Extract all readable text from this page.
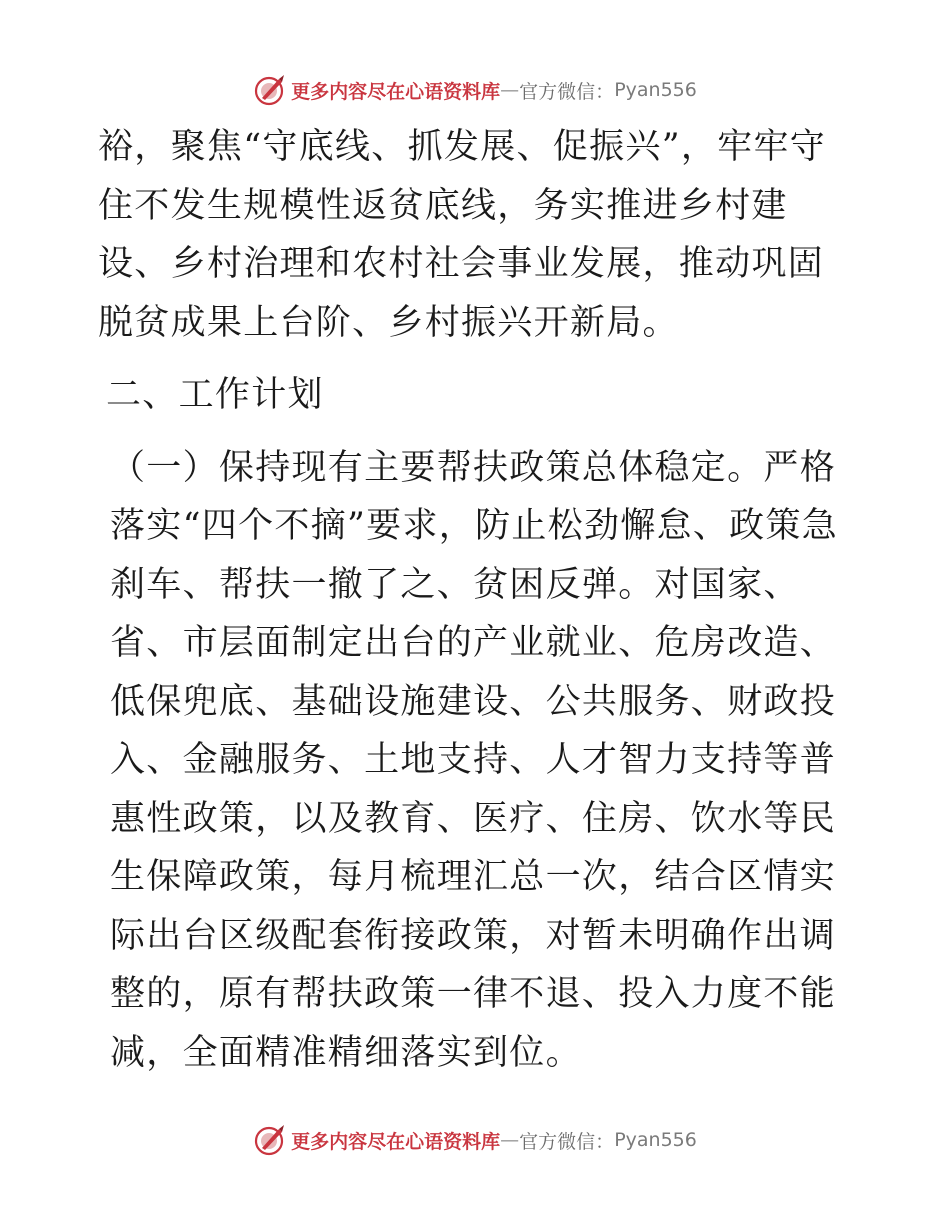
更多内容尽在心语资料库 — 官方微信： Pyan556

裕，聚焦“守底线、抓发展、促振兴”，牢牢守住不发生规模性返贫底线，务实推进乡村建设、乡村治理和农村社会事业发展，推动巩固脱贫成果上台阶、乡村振兴开新局。

二、工作计划

（一）保持现有主要帮扶政策总体稳定。严格落实“四个不摘”要求，防止松劲懈怠、政策急刹车、帮扶一撤了之、贫困反弹。对国家、省、市层面制定出台的产业就业、危房改造、低保兜底、基础设施建设、公共服务、财政投入、金融服务、土地支持、人才智力支持等普惠性政策，以及教育、医疗、住房、饮水等民生保障政策，每月梳理汇总一次，结合区情实际出台区级配套衔接政策，对暂未明确作出调整的，原有帮扶政策一律不退、投入力度不能减，全面精准精细落实到位。

更多内容尽在心语资料库 — 官方微信： Pyan556
